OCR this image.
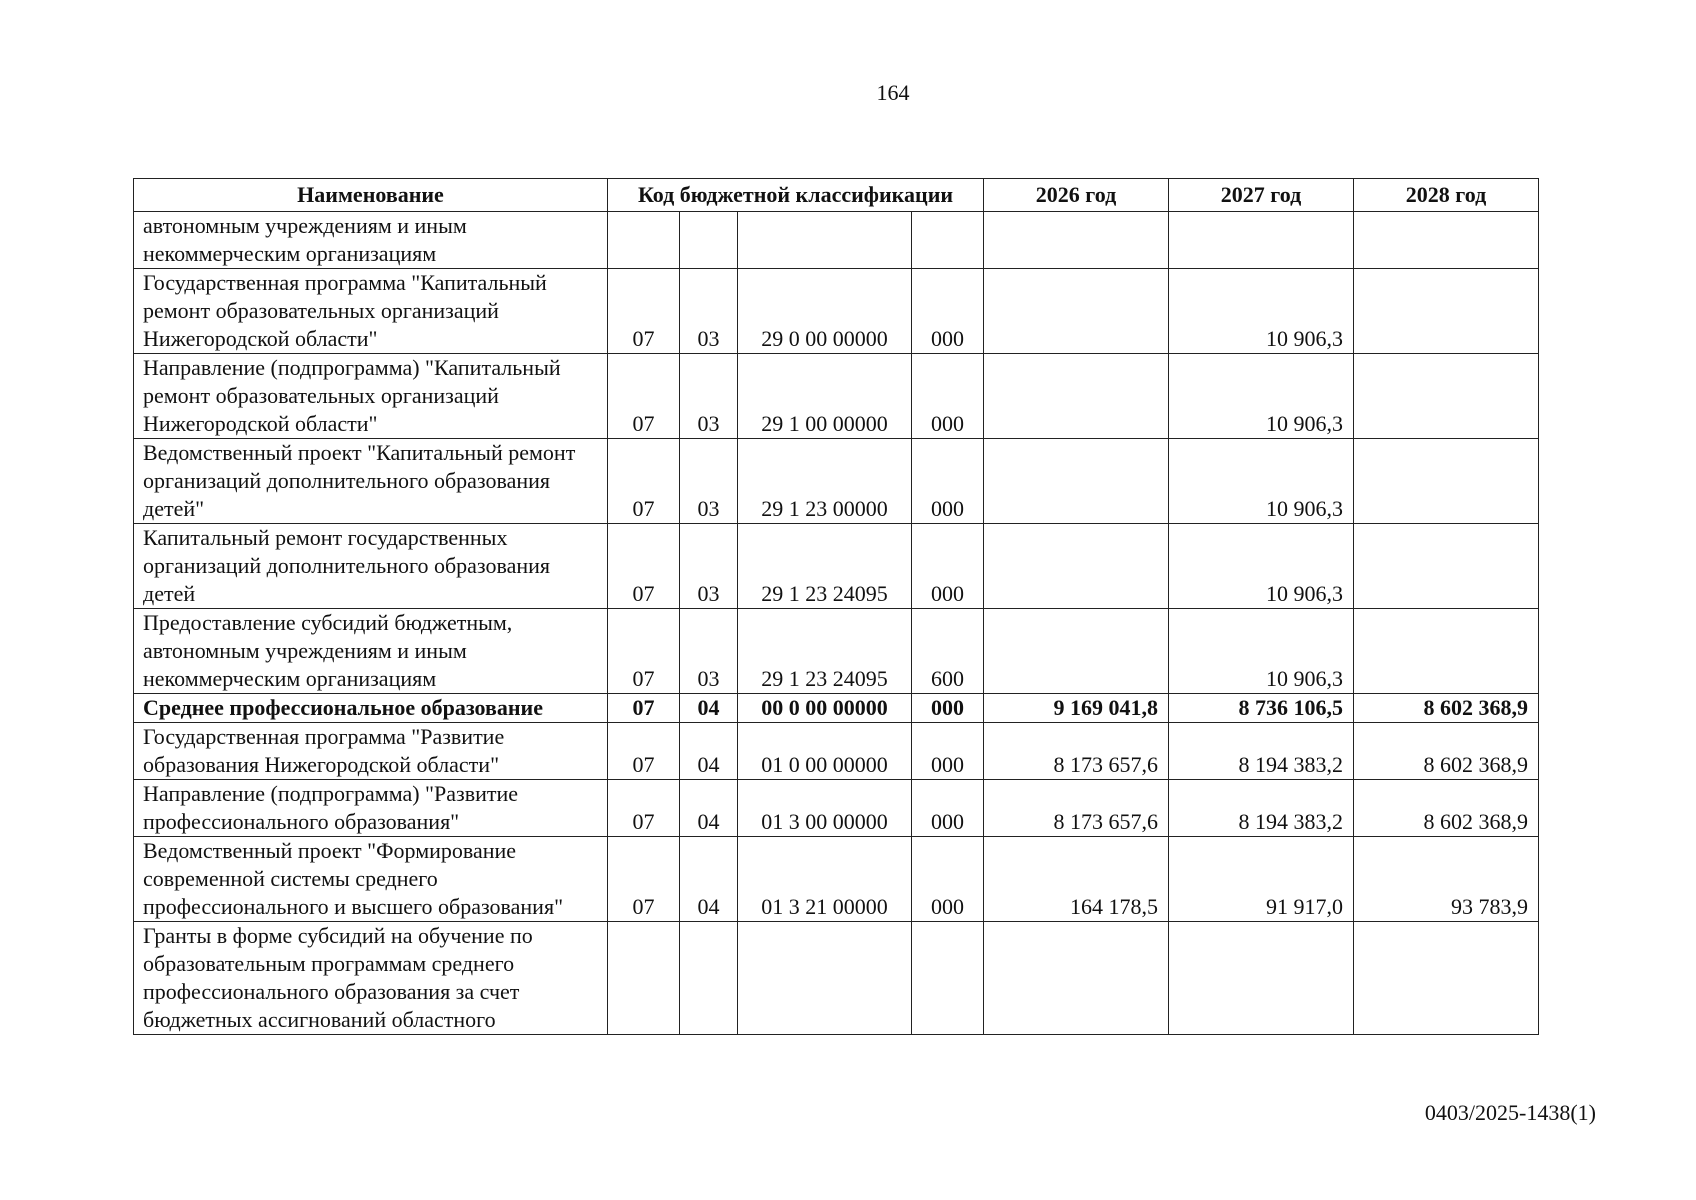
164
Наименование	Код бюджетной классификации				2026 год	2027 год	2028 год
автономным учреждениям и иным некоммерческим организациям							
Государственная программа "Капитальный ремонт образовательных организаций Нижегородской области"	07	03	29 0 00 00000	000		10 906,3	
Направление (подпрограмма) "Капитальный ремонт образовательных организаций Нижегородской области"	07	03	29 1 00 00000	000		10 906,3	
Ведомственный проект "Капитальный ремонт организаций дополнительного образования детей"	07	03	29 1 23 00000	000		10 906,3	
Капитальный ремонт государственных организаций дополнительного образования детей	07	03	29 1 23 24095	000		10 906,3	
Предоставление субсидий бюджетным, автономным учреждениям и иным некоммерческим организациям	07	03	29 1 23 24095	600		10 906,3	
Среднее профессиональное образование	07	04	00 0 00 00000	000	9 169 041,8	8 736 106,5	8 602 368,9
Государственная программа "Развитие образования Нижегородской области"	07	04	01 0 00 00000	000	8 173 657,6	8 194 383,2	8 602 368,9
Направление (подпрограмма) "Развитие профессионального образования"	07	04	01 3 00 00000	000	8 173 657,6	8 194 383,2	8 602 368,9
Ведомственный проект "Формирование современной системы среднего профессионального и высшего образования"	07	04	01 3 21 00000	000	164 178,5	91 917,0	93 783,9
Гранты в форме субсидий на обучение по образовательным программам среднего профессионального образования за счет бюджетных ассигнований областного							
0403/2025-1438(1)
